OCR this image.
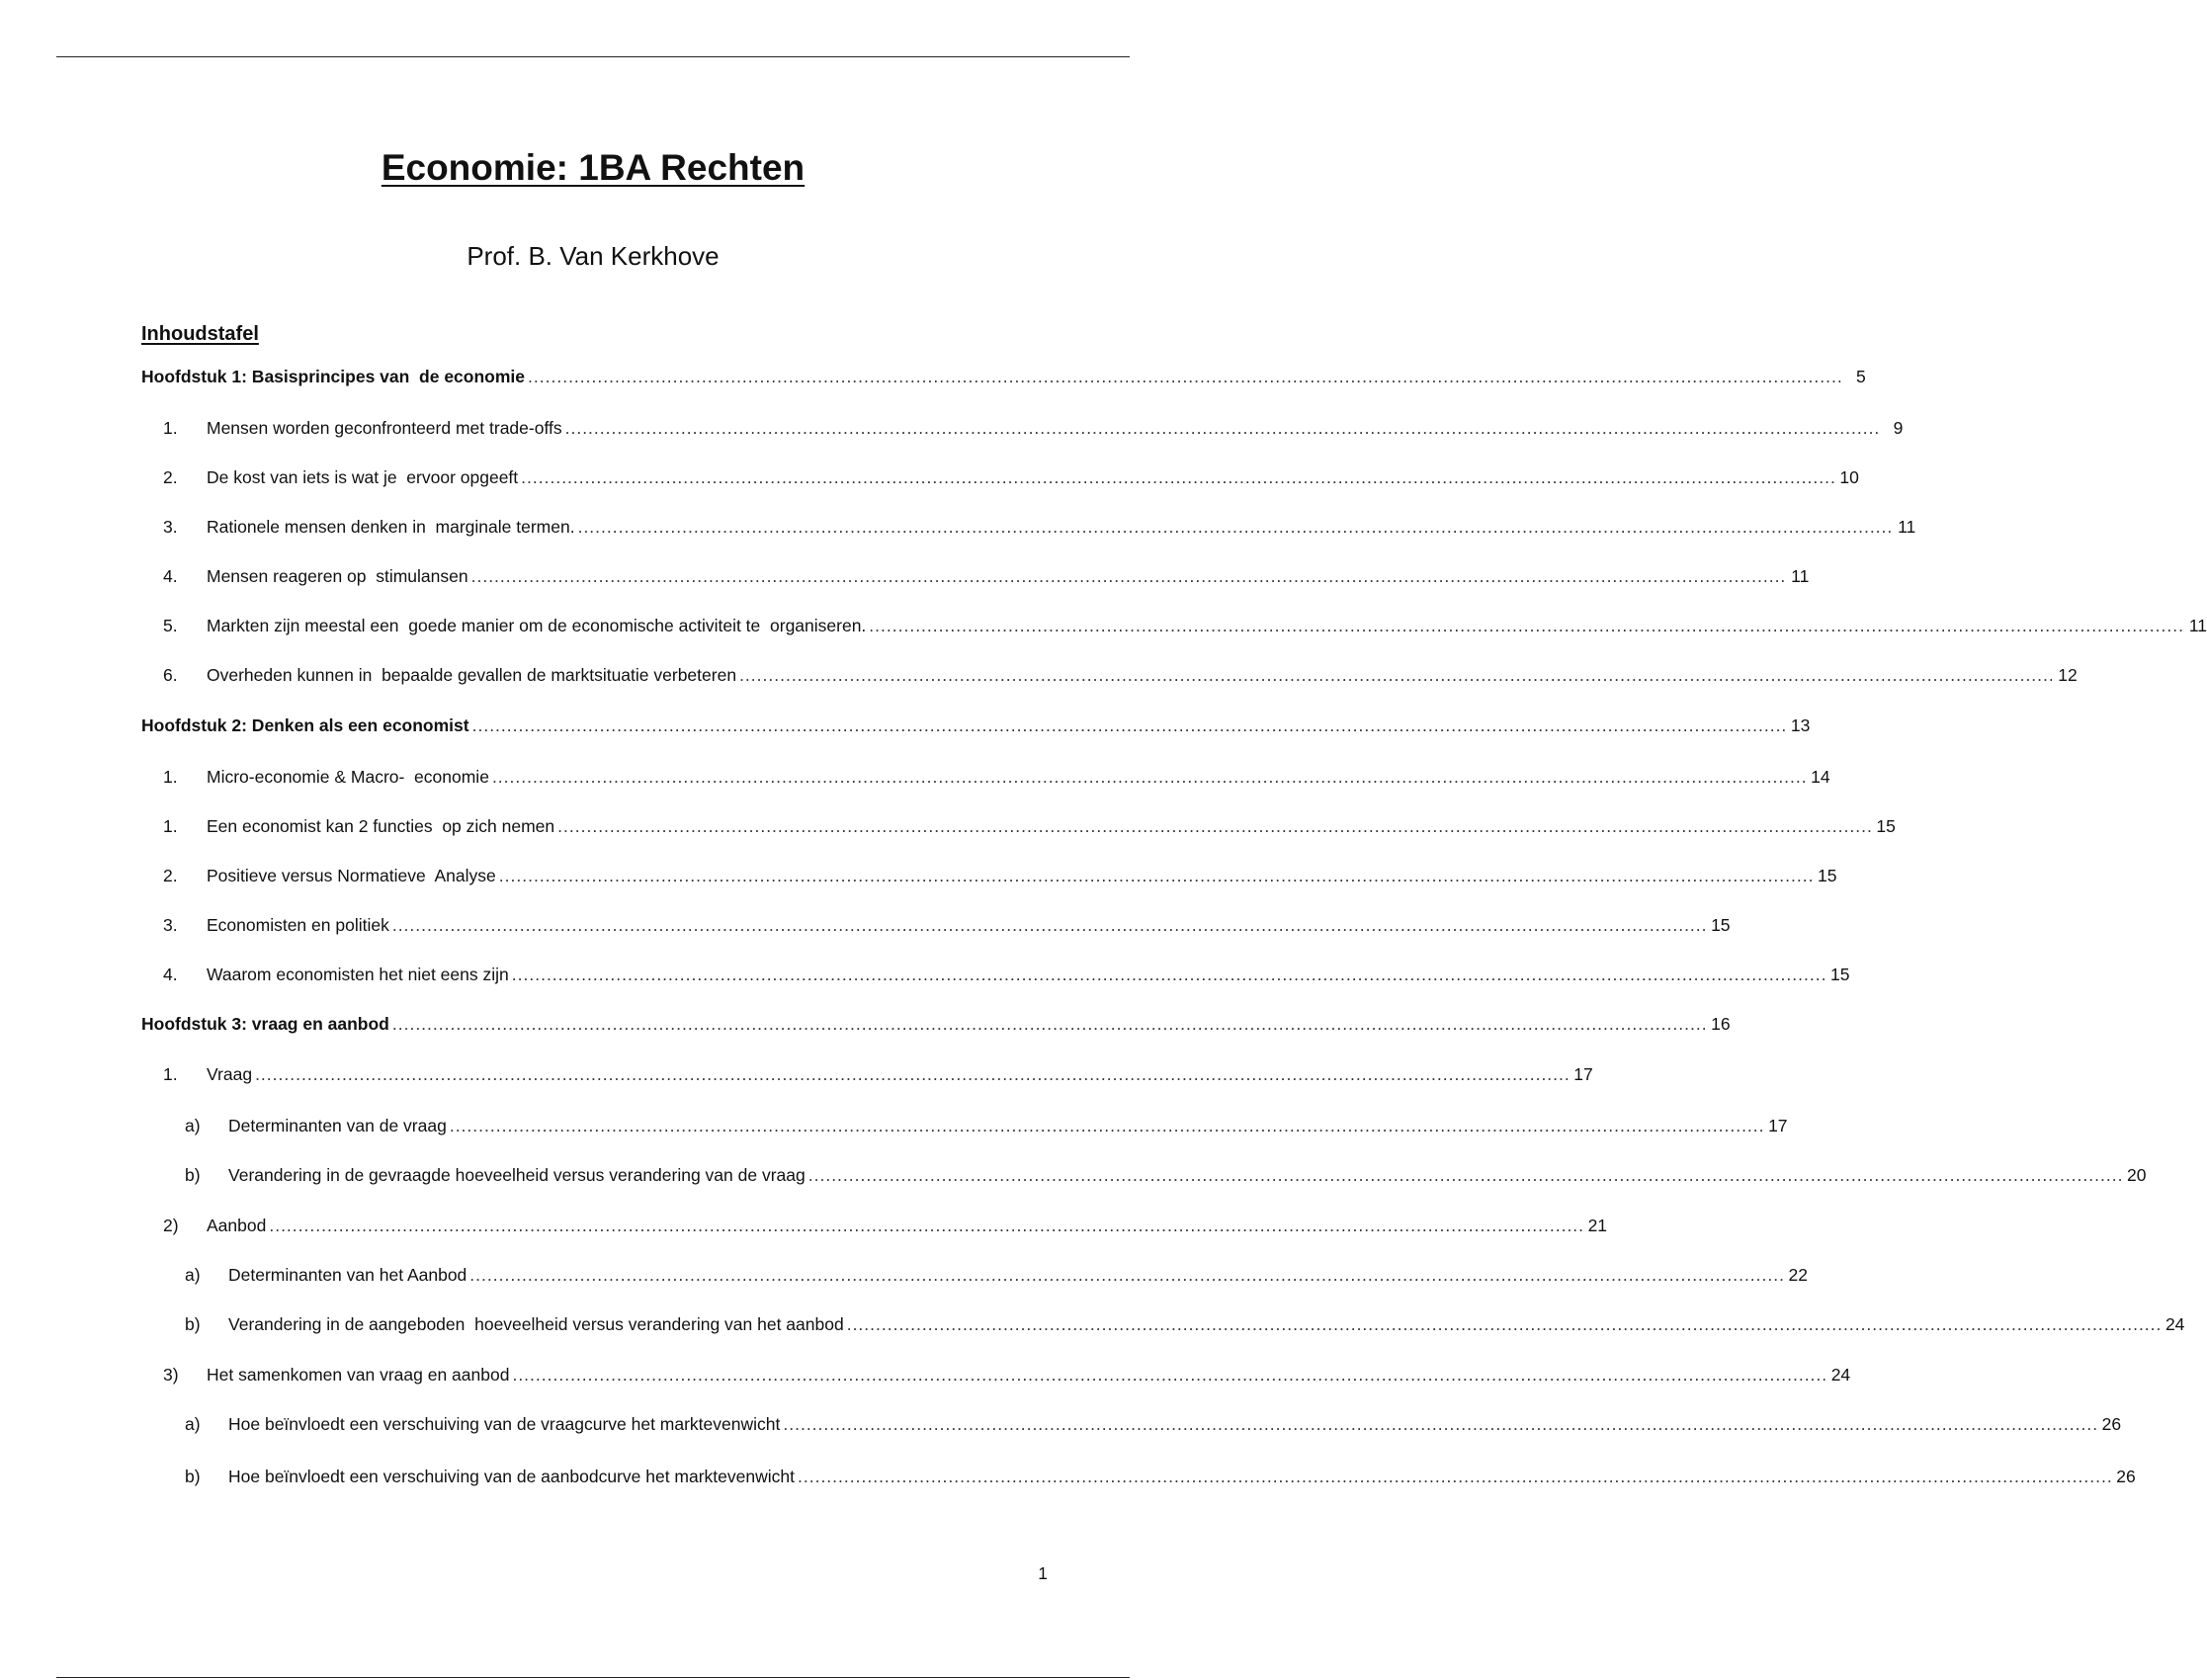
Economie: 1BA Rechten
Prof. B. Van Kerkhove
Inhoudstafel
Hoofdstuk 1: Basisprincipes van  de economie .....	5
1.	Mensen worden geconfronteerd met trade-offs .....	9
2.	De kost van iets is wat je  ervoor opgeeft .....	10
3.	Rationele mensen denken in  marginale termen. .....	11
4.	Mensen reageren op  stimulansen .....	11
5.	Markten zijn meestal een  goede manier om de economische activiteit te  organiseren. .....	11
6.	Overheden kunnen in  bepaalde gevallen de marktsituatie verbeteren .....	12
Hoofdstuk 2: Denken als een economist .....	13
1.	Micro-economie & Macro-  economie .....	14
1.	Een economist kan 2 functies  op zich nemen .....	15
2.	Positieve versus Normatieve  Analyse .....	15
3.	Economisten en politiek .....	15
4.	Waarom economisten het niet eens zijn .....	15
Hoofdstuk 3: vraag en aanbod .....	16
1.	Vraag .....	17
a)	Determinanten van de vraag .....	17
b)	Verandering in de gevraagde hoeveelheid versus verandering van de vraag .....	20
2)	Aanbod .....	21
a)	Determinanten van het Aanbod .....	22
b)	Verandering in de aangeboden  hoeveelheid versus verandering van het aanbod .....	24
3)	Het samenkomen van vraag en aanbod .....	24
a)	Hoe beïnvloedt een verschuiving van de vraagcurve het marktevenwicht .....	26
b)	Hoe beïnvloedt een verschuiving van de aanbodcurve het marktevenwicht .....	26
1
